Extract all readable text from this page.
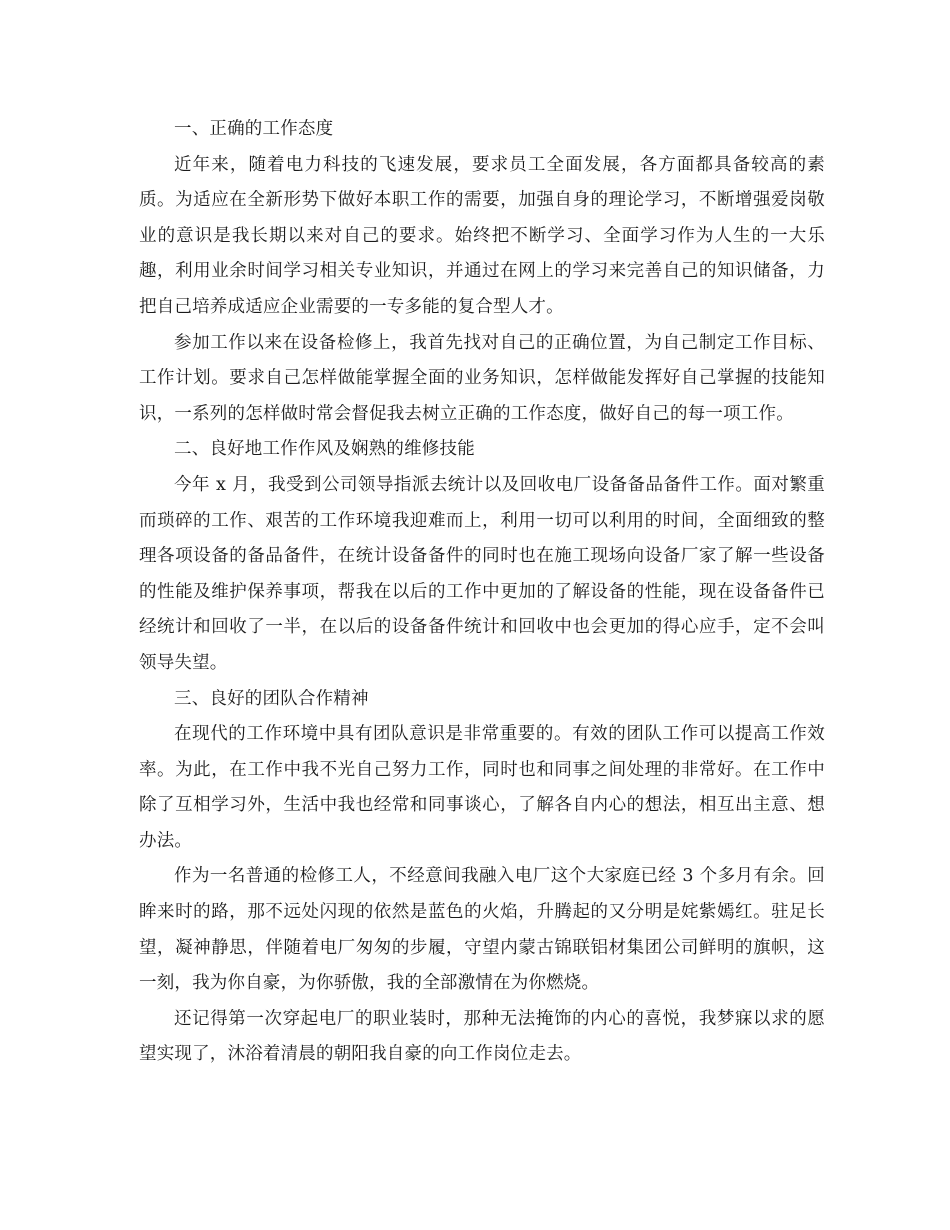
一、正确的工作态度

近年来，随着电力科技的飞速发展，要求员工全面发展，各方面都具备较高的素质。为适应在全新形势下做好本职工作的需要，加强自身的理论学习，不断增强爱岗敬业的意识是我长期以来对自己的要求。始终把不断学习、全面学习作为人生的一大乐趣，利用业余时间学习相关专业知识，并通过在网上的学习来完善自己的知识储备，力把自己培养成适应企业需要的一专多能的复合型人才。

参加工作以来在设备检修上，我首先找对自己的正确位置，为自己制定工作目标、工作计划。要求自己怎样做能掌握全面的业务知识，怎样做能发挥好自己掌握的技能知识，一系列的怎样做时常会督促我去树立正确的工作态度，做好自己的每一项工作。

二、良好地工作作风及娴熟的维修技能

今年 x 月，我受到公司领导指派去统计以及回收电厂设备备品备件工作。面对繁重而琐碎的工作、艰苦的工作环境我迎难而上，利用一切可以利用的时间，全面细致的整理各项设备的备品备件，在统计设备备件的同时也在施工现场向设备厂家了解一些设备的性能及维护保养事项，帮我在以后的工作中更加的了解设备的性能，现在设备备件已经统计和回收了一半，在以后的设备备件统计和回收中也会更加的得心应手，定不会叫领导失望。

三、良好的团队合作精神

在现代的工作环境中具有团队意识是非常重要的。有效的团队工作可以提高工作效率。为此，在工作中我不光自己努力工作，同时也和同事之间处理的非常好。在工作中除了互相学习外，生活中我也经常和同事谈心，了解各自内心的想法，相互出主意、想办法。

作为一名普通的检修工人，不经意间我融入电厂这个大家庭已经 3 个多月有余。回眸来时的路，那不远处闪现的依然是蓝色的火焰，升腾起的又分明是姹紫嫣红。驻足长望，凝神静思，伴随着电厂匆匆的步履，守望内蒙古锦联铝材集团公司鲜明的旗帜，这一刻，我为你自豪，为你骄傲，我的全部激情在为你燃烧。

还记得第一次穿起电厂的职业装时，那种无法掩饰的内心的喜悦，我梦寐以求的愿望实现了，沐浴着清晨的朝阳我自豪的向工作岗位走去。
